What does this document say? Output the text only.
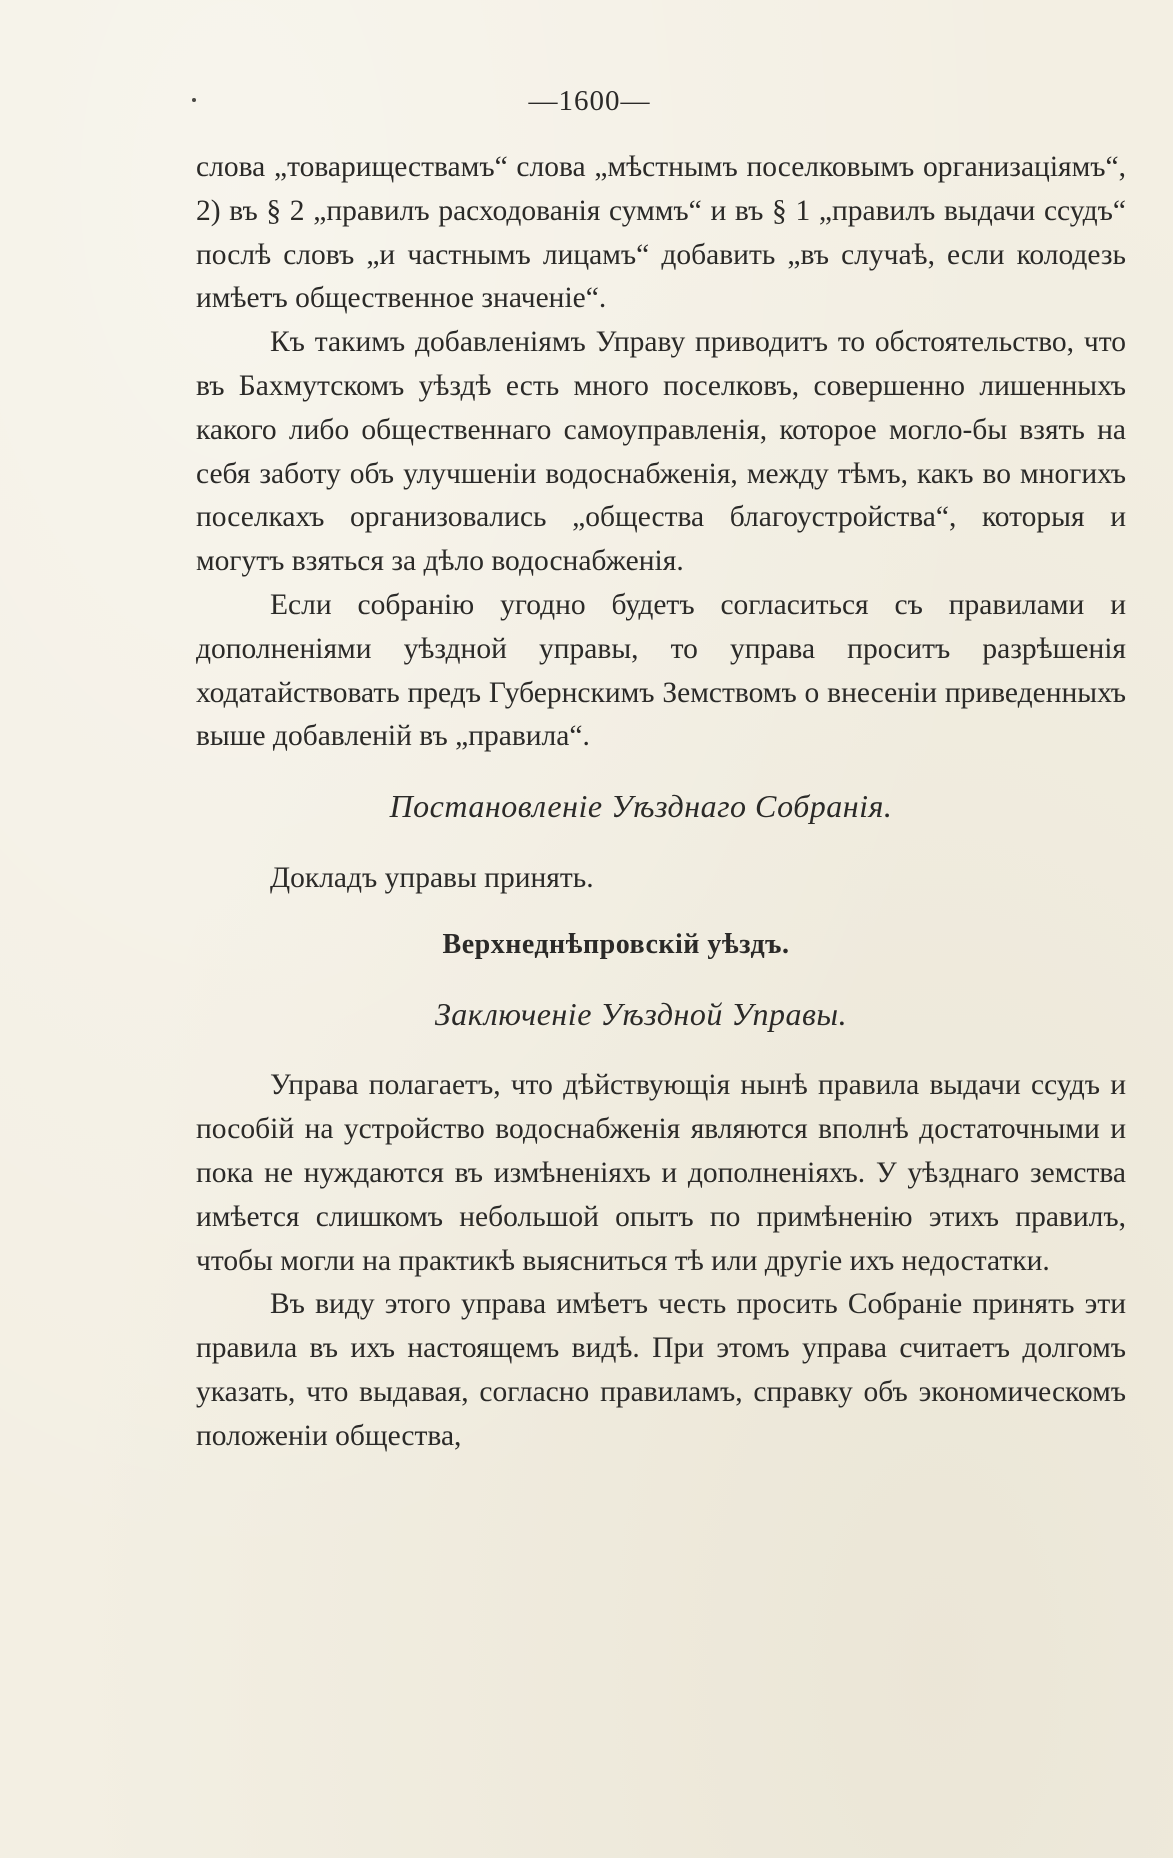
—1600—

слова „товариществамъ“ слова „мѣстнымъ поселковымъ организаціямъ“, 2) въ § 2 „правилъ расходованія суммъ“ и въ § 1 „правилъ выдачи ссудъ“ послѣ словъ „и частнымъ лицамъ“ добавить „въ случаѣ, если колодезь имѣетъ общественное значеніе“.

Къ такимъ добавленіямъ Управу приводитъ то обстоятельство, что въ Бахмутскомъ уѣздѣ есть много поселковъ, совершенно лишенныхъ какого либо общественнаго самоуправленія, которое могло-бы взять на себя заботу объ улучшеніи водоснабженія, между тѣмъ, какъ во многихъ поселкахъ организовались „общества благоустройства“, которыя и могутъ взяться за дѣло водоснабженія.

Если собранію угодно будетъ согласиться съ правилами и дополненіями уѣздной управы, то управа проситъ разрѣшенія ходатайствовать предъ Губернскимъ Земствомъ о внесеніи приведенныхъ выше добавленій въ „правила“.

Постановленіе Уѣзднаго Собранія.

Докладъ управы принять.

Верхнеднѣпровскій уѣздъ.
Заключеніе Уѣздной Управы.

Управа полагаетъ, что дѣйствующія нынѣ правила выдачи ссудъ и пособій на устройство водоснабженія являются вполнѣ достаточными и пока не нуждаются въ измѣненіяхъ и дополненіяхъ. У уѣзднаго земства имѣется слишкомъ небольшой опытъ по примѣненію этихъ правилъ, чтобы могли на практикѣ выясниться тѣ или другіе ихъ недостатки.

Въ виду этого управа имѣетъ честь просить Собраніе принять эти правила въ ихъ настоящемъ видѣ. При этомъ управа считаетъ долгомъ указать, что выдавая, согласно правиламъ, справку объ экономическомъ положеніи общества,
